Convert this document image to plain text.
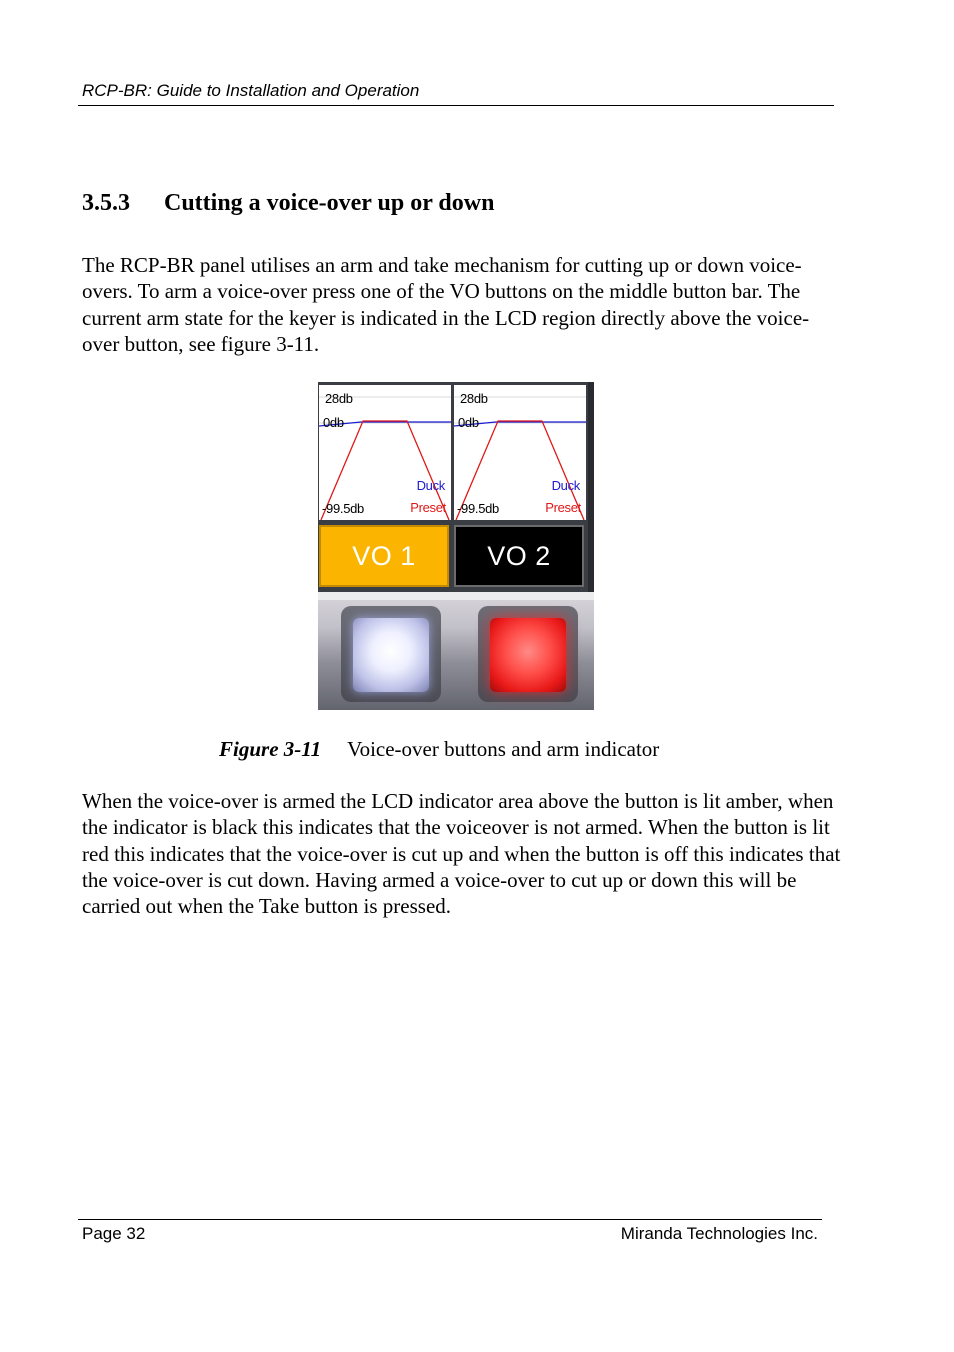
RCP-BR: Guide to Installation and Operation
3.5.3 Cutting a voice-over up or down

The RCP-BR panel utilises an arm and take mechanism for cutting up or down voice-overs. To arm a voice-over press one of the VO buttons on the middle button bar. The current arm state for the keyer is indicated in the LCD region directly above the voice-over button, see figure 3-11.

28db
0db
-99.5db
Duck
Preset
28db
0db
-99.5db
Duck
Preset
VO 1	VO 2
Figure 3-11 Voice-over buttons and arm indicator

When the voice-over is armed the LCD indicator area above the button is lit amber, when the indicator is black this indicates that the voiceover is not armed. When the button is lit red this indicates that the voice-over is cut up and when the button is off this indicates that the voice-over is cut down. Having armed a voice-over to cut up or down this will be carried out when the Take button is pressed.

Page 32	Miranda Technologies Inc.
